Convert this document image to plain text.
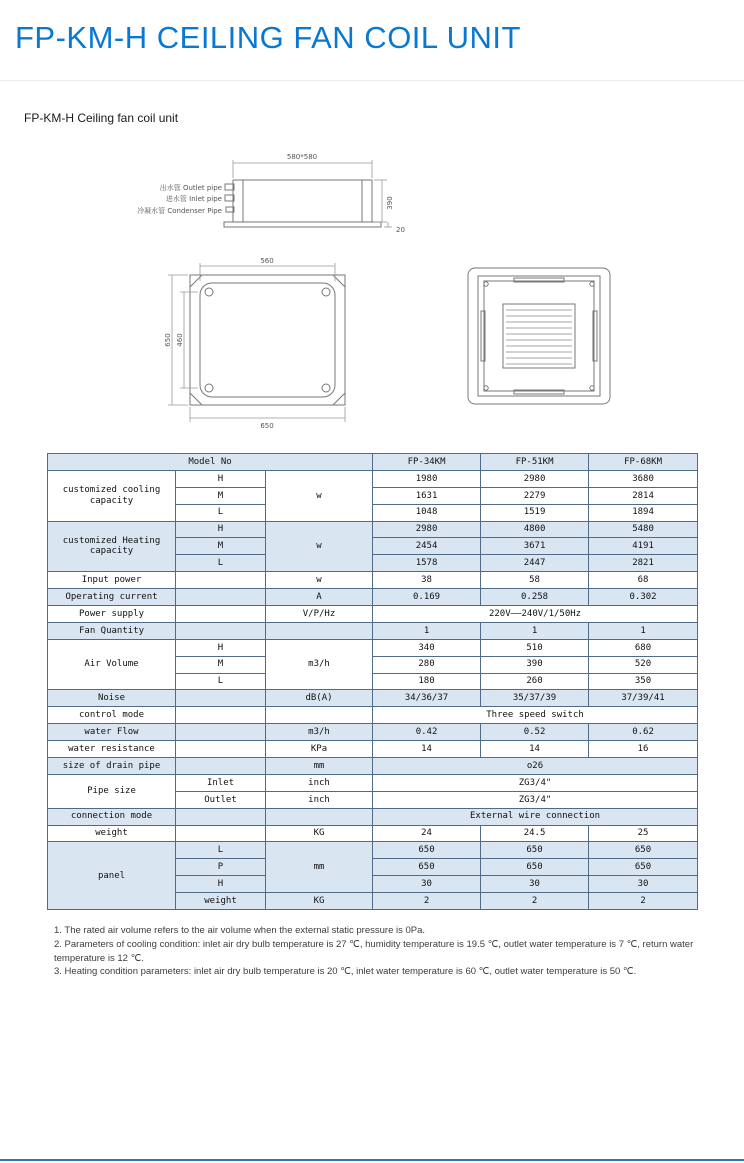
FP-KM-H CEILING FAN COIL UNIT
FP-KM-H Ceiling fan coil unit
580*580
390
20
出水管 Outlet pipe
进水管 Inlet pipe
冷凝水管 Condenser Pipe
560
650 460
650
Model No			FP-34KM	FP-51KM	FP-68KM
customized cooling capacity	H	w	1980	2980	3680
	M		1631	2279	2814
	L		1048	1519	1894
customized Heating capacity	H	w	2980	4800	5480
	M		2454	3671	4191
	L		1578	2447	2821
Input power		w	38	58	68
Operating current		A	0.169	0.258	0.302
Power supply		V/P/Hz	220V——240V/1/50Hz		
Fan Quantity			1	1	1
Air Volume	H	m3/h	340	510	680
	M		280	390	520
	L		180	260	350
Noise		dB(A)	34/36/37	35/37/39	37/39/41
control mode			Three speed switch		
water Flow		m3/h	0.42	0.52	0.62
water resistance		KPa	14	14	16
size of drain pipe		mm	o26		
Pipe size	Inlet	inch	ZG3/4"		
	Outlet	inch	ZG3/4"		
connection mode			External wire connection		
weight		KG	24	24.5	25
panel	L	mm	650	650	650
	P		650	650	650
	H		30	30	30
	weight	KG	2	2	2

1. The rated air volume refers to the air volume when the external static pressure is 0Pa.

2. Parameters of cooling condition: inlet air dry bulb temperature is 27 ℃, humidity temperature is 19.5 ℃, outlet water temperature is 7 ℃, return water temperature is 12 ℃.

3. Heating condition parameters: inlet air dry bulb temperature is 20 ℃, inlet water temperature is 60 ℃, outlet water temperature is 50 ℃.
